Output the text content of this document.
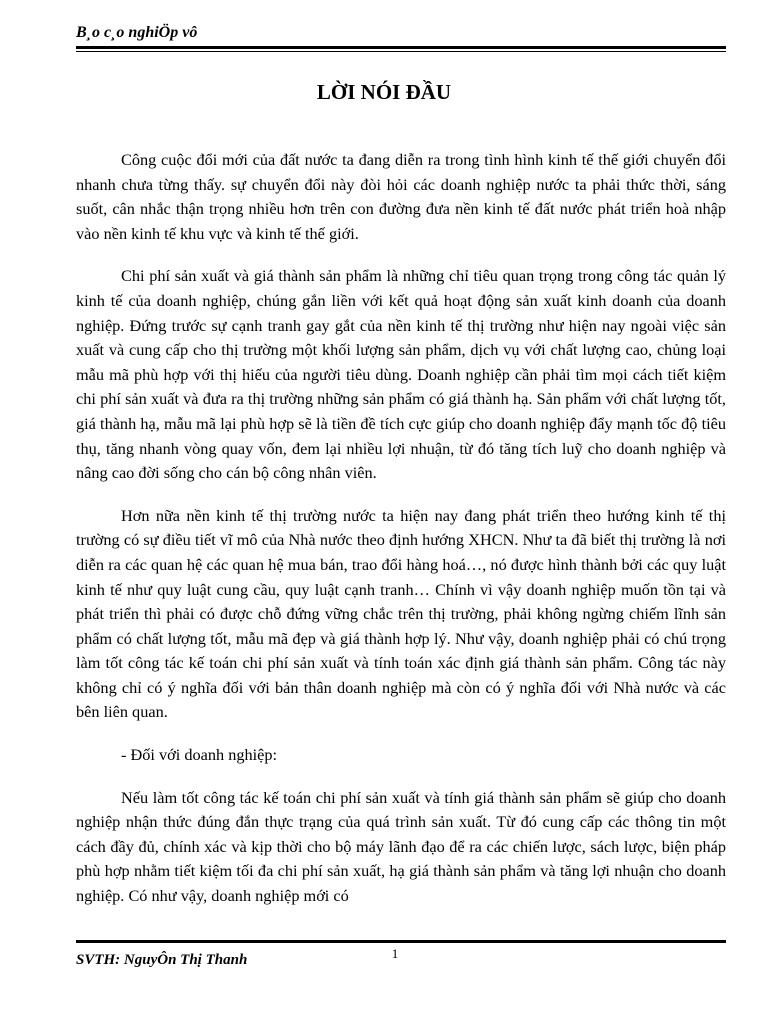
B¸o c¸o nghiÖp vô
LỜI NÓI ĐẦU

Công cuộc đổi mới của đất nước ta đang diễn ra trong tình hình kinh tế thế giới chuyển đổi nhanh chưa từng thấy. sự chuyển đổi này đòi hỏi các doanh nghiệp nước ta phải thức thời, sáng suốt, cân nhắc thận trọng nhiều hơn trên con đường đưa nền kinh tế đất nước phát triển hoà nhập vào nền kinh tế khu vực và kinh tế thế giới.

Chi phí sản xuất và giá thành sản phẩm là những chỉ tiêu quan trọng trong công tác quản lý kinh tế của doanh nghiệp, chúng gắn liền với kết quả hoạt động sản xuất kinh doanh của doanh nghiệp. Đứng trước sự cạnh tranh gay gắt của nền kinh tế thị trường như hiện nay ngoài việc sản xuất và cung cấp cho thị trường một khối lượng sản phẩm, dịch vụ với chất lượng cao, chủng loại mẫu mã phù hợp với thị hiếu của người tiêu dùng. Doanh nghiệp cần phải tìm mọi cách tiết kiệm chi phí sản xuất và đưa ra thị trường những sản phẩm có giá thành hạ. Sản phẩm với chất lượng tốt, giá thành hạ, mẫu mã lại phù hợp sẽ là tiền đề tích cực giúp cho doanh nghiệp đẩy mạnh tốc độ tiêu thụ, tăng nhanh vòng quay vốn, đem lại nhiều lợi nhuận, từ đó tăng tích luỹ cho doanh nghiệp và nâng cao đời sống cho cán bộ công nhân viên.

Hơn nữa nền kinh tế thị trường nước ta hiện nay đang phát triển theo hướng kinh tế thị trường có sự điều tiết vĩ mô của Nhà nước theo định hướng XHCN. Như ta đã biết thị trường là nơi diễn ra các quan hệ các quan hệ mua bán, trao đổi hàng hoá…, nó được hình thành bởi các quy luật kinh tế như quy luật cung cầu, quy luật cạnh tranh… Chính vì vậy doanh nghiệp muốn tồn tại và phát triển thì phải có được chỗ đứng vững chắc trên thị trường, phải không ngừng chiếm lĩnh sản phẩm có chất lượng tốt, mẫu mã đẹp và giá thành hợp lý. Như vậy, doanh nghiệp phải có chú trọng làm tốt công tác kế toán chi phí sản xuất và tính toán xác định giá thành sản phẩm. Công tác này không chỉ có ý nghĩa đối với bản thân doanh nghiệp mà còn có ý nghĩa đối với Nhà nước và các bên liên quan.

- Đối với doanh nghiệp:

Nếu làm tốt công tác kế toán chi phí sản xuất và tính giá thành sản phẩm sẽ giúp cho doanh nghiệp nhận thức đúng đắn thực trạng của quá trình sản xuất. Từ đó cung cấp các thông tin một cách đầy đủ, chính xác và kịp thời cho bộ máy lãnh đạo để ra các chiến lược, sách lược, biện pháp phù hợp nhằm tiết kiệm tối đa chi phí sản xuất, hạ giá thành sản phẩm và tăng lợi nhuận cho doanh nghiệp. Có như vậy, doanh nghiệp mới có

1
SVTH: NguyÔn Thị Thanh
